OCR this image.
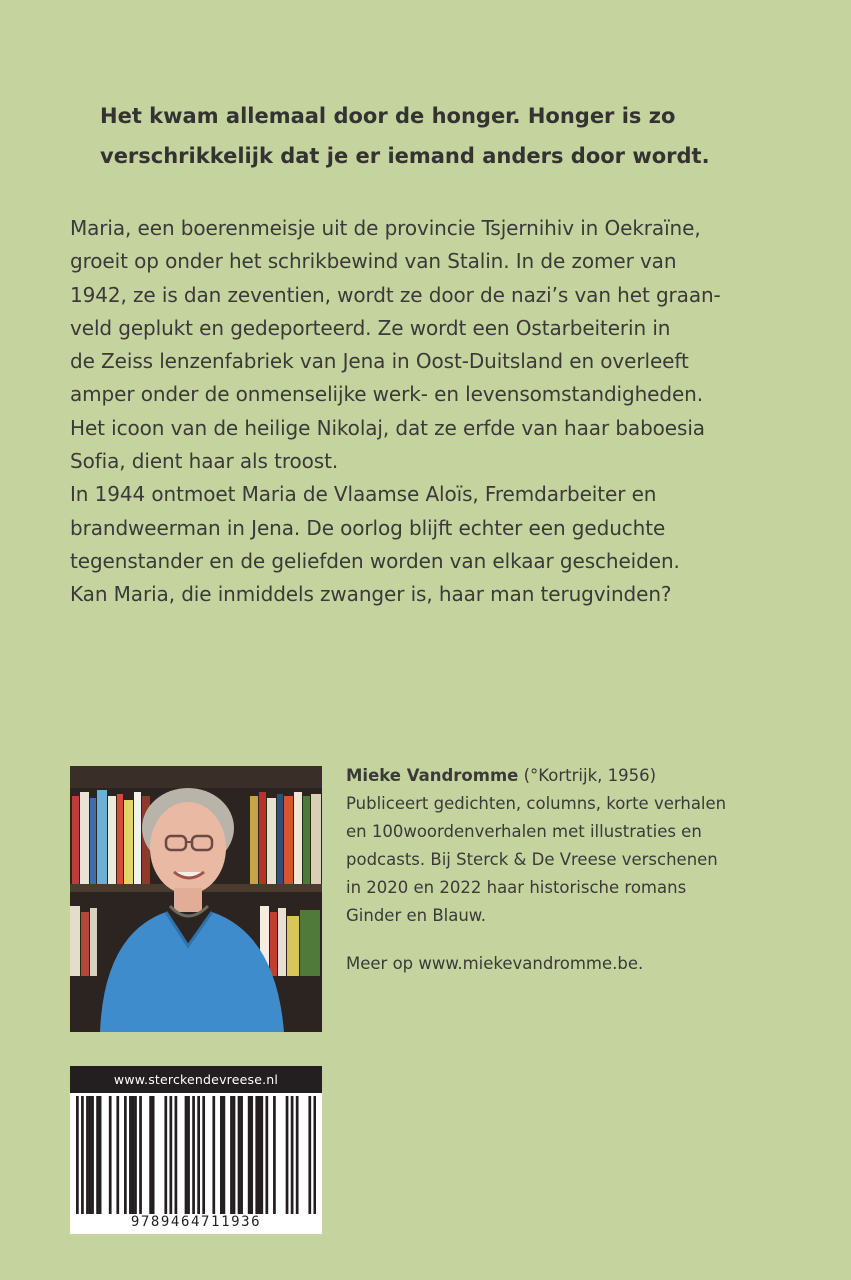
Het kwam allemaal door de honger. Honger is zo
verschrikkelijk dat je er iemand anders door wordt.
Maria, een boerenmeisje uit de provincie Tsjernihiv in Oekraïne,
groeit op onder het schrikbewind van Stalin. In de zomer van
1942, ze is dan zeventien, wordt ze door de nazi’s van het graan-
veld geplukt en gedeporteerd. Ze wordt een Ostarbeiterin in
de Zeiss lenzenfabriek van Jena in Oost-Duitsland en overleeft
amper onder de onmenselijke werk- en levensomstandigheden.
Het icoon van de heilige Nikolaj, dat ze erfde van haar baboesia
Sofia, dient haar als troost.
In 1944 ontmoet Maria de Vlaamse Aloïs, Fremdarbeiter en
brandweerman in Jena. De oorlog blijft echter een geduchte
tegenstander en de geliefden worden van elkaar gescheiden.
Kan Maria, die inmiddels zwanger is, haar man terugvinden?
Mieke Vandromme (°Kortrijk, 1956)
Publiceert gedichten, columns, korte verhalen
en 100woordenverhalen met illustraties en
podcasts. Bij Sterck & De Vreese verschenen
in 2020 en 2022 haar historische romans
Ginder en Blauw.
Meer op www.miekevandromme.be.
www.sterckendevreese.nl
9789464711936
